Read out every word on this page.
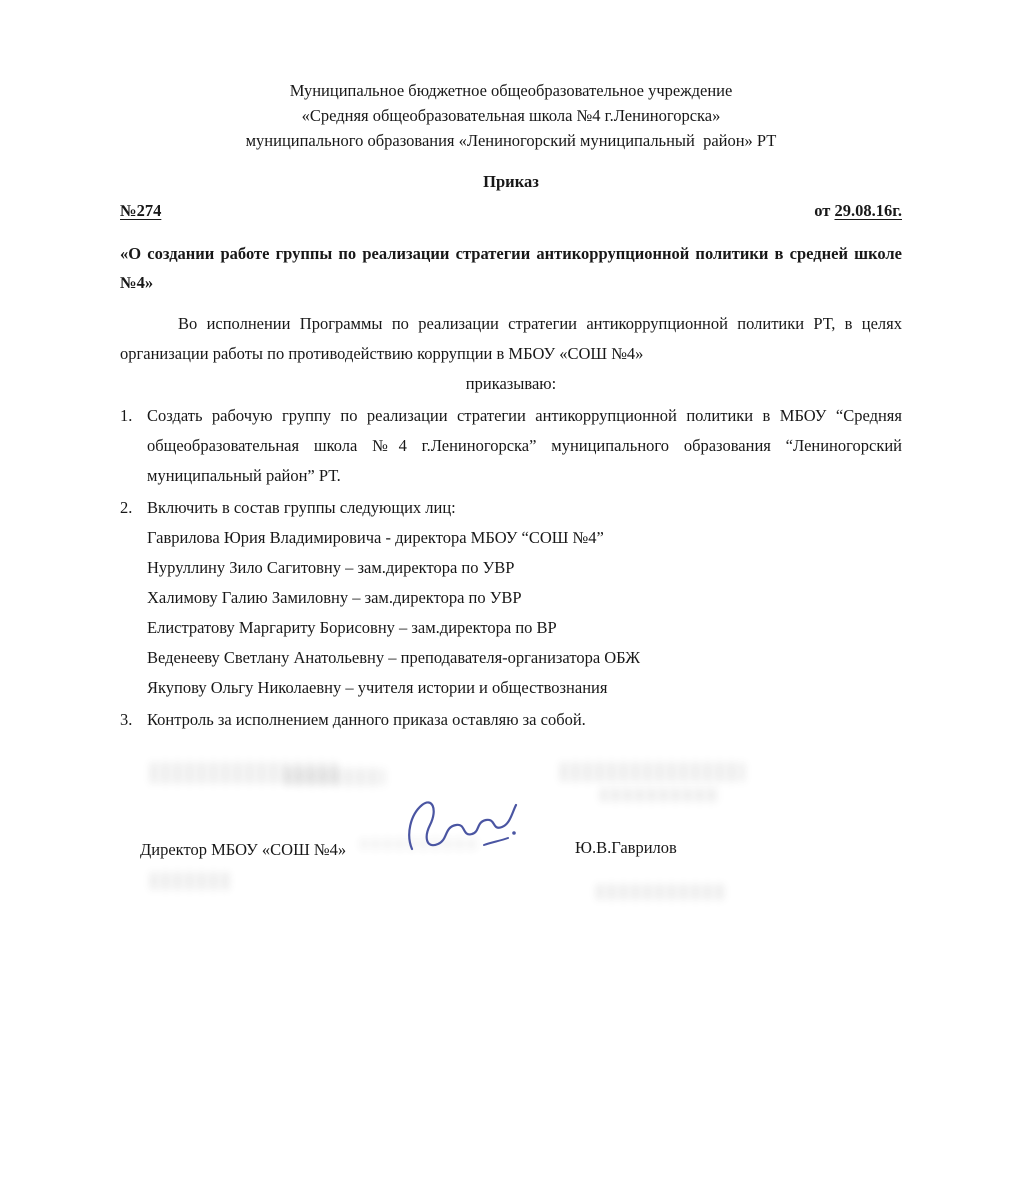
Муниципальное бюджетное общеобразовательное учреждение
«Средняя общеобразовательная школа №4 г.Лениногорска»
муниципального образования «Лениногорский муниципальный  район» РТ
Приказ
№274	от 29.08.16г.
«О создании работе группы по реализации стратегии антикоррупционной политики в средней школе №4»
Во исполнении Программы по реализации стратегии антикоррупционной политики РТ, в целях организации работы по противодействию коррупции в МБОУ «СОШ №4»
приказываю:
1. Создать рабочую группу по реализации стратегии антикоррупционной политики в МБОУ “Средняя общеобразовательная школа №4 г.Лениногорска” муниципального образования “Лениногорский муниципальный район” РТ.
2. Включить в состав группы следующих лиц:
Гаврилова Юрия Владимировича - директора МБОУ “СОШ №4”
Нуруллину Зило Сагитовну – зам.директора по УВР
Халимову Галию Замиловну – зам.директора по УВР
Елистратову Маргариту Борисовну – зам.директора по ВР
Веденееву Светлану Анатольевну – преподавателя-организатора ОБЖ
Якупову Ольгу Николаевну – учителя истории и обществознания
3. Контроль за исполнением данного приказа оставляю за собой.
Директор МБОУ «СОШ №4»	Ю.В.Гаврилов
